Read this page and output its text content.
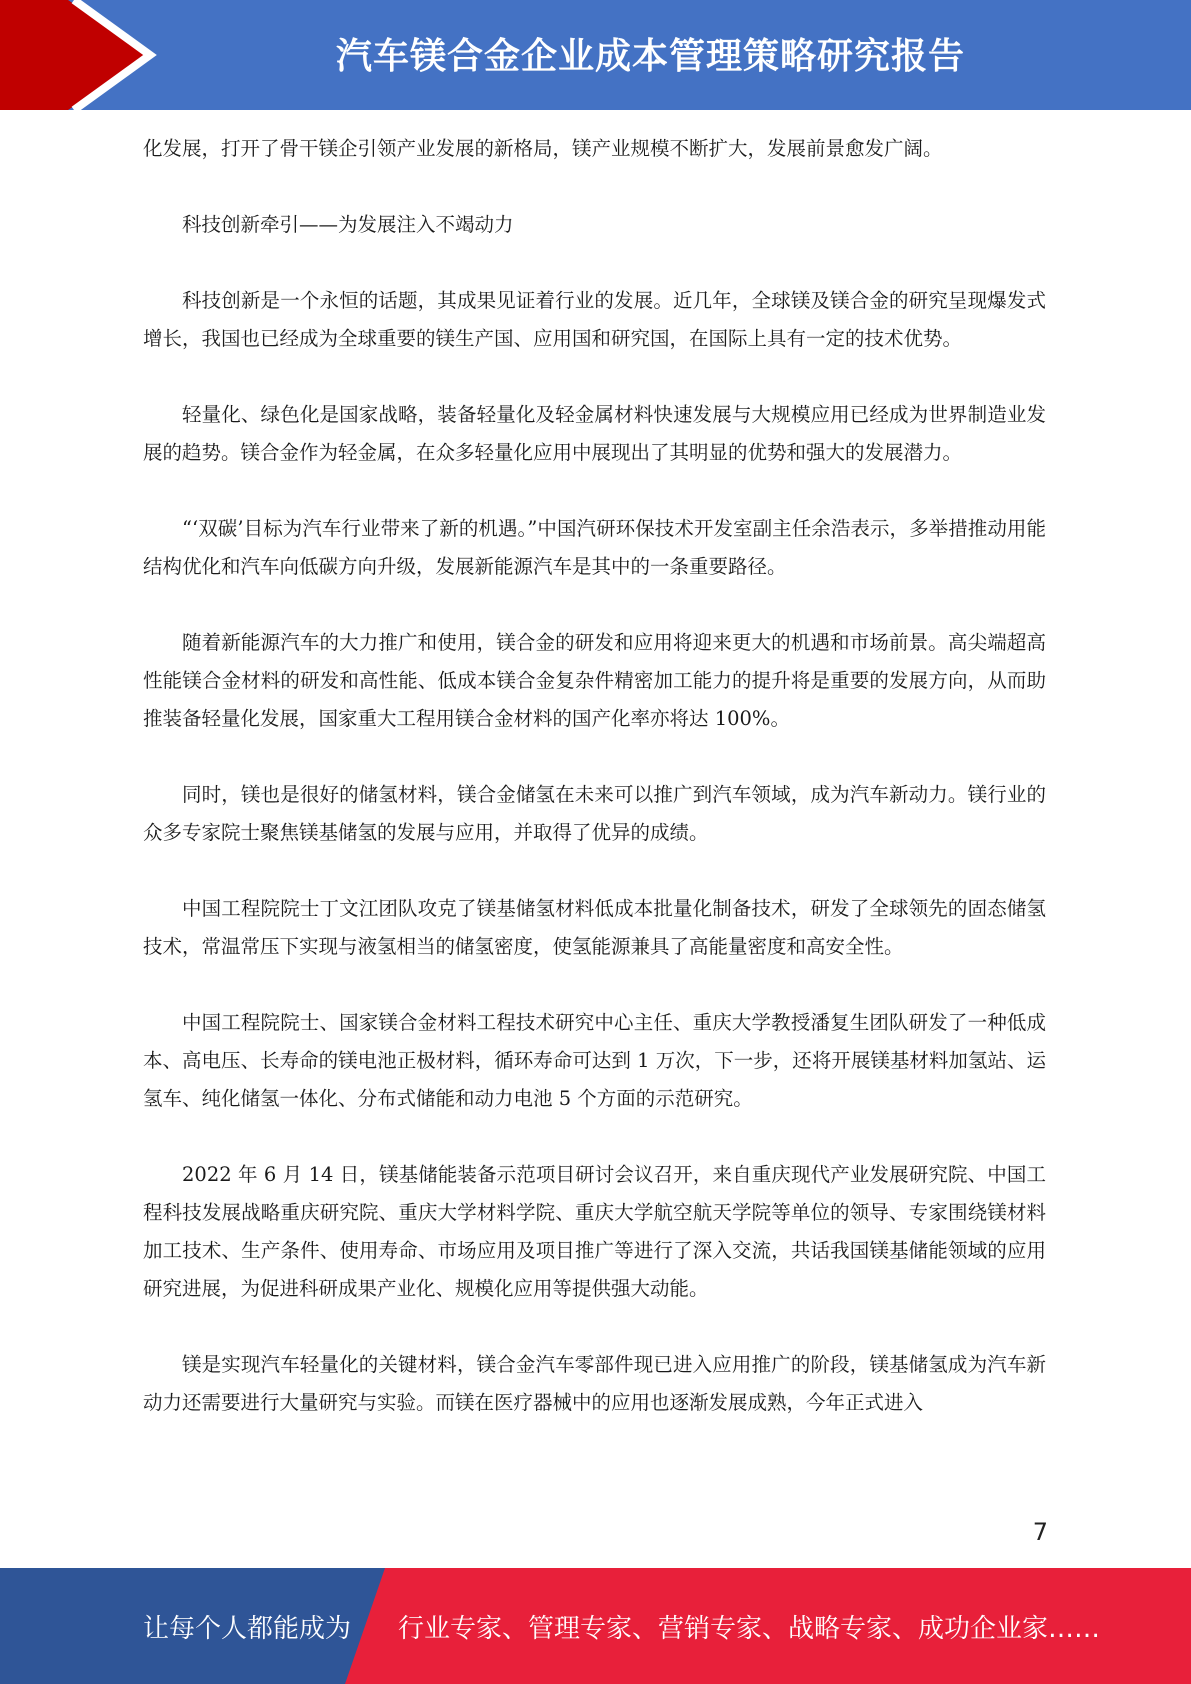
汽车镁合金企业成本管理策略研究报告

化发展，打开了骨干镁企引领产业发展的新格局，镁产业规模不断扩大，发展前景愈发广阔。

科技创新牵引——为发展注入不竭动力

科技创新是一个永恒的话题，其成果见证着行业的发展。近几年，全球镁及镁合金的研究呈现爆发式增长，我国也已经成为全球重要的镁生产国、应用国和研究国，在国际上具有一定的技术优势。

轻量化、绿色化是国家战略，装备轻量化及轻金属材料快速发展与大规模应用已经成为世界制造业发展的趋势。镁合金作为轻金属，在众多轻量化应用中展现出了其明显的优势和强大的发展潜力。

“‘双碳’目标为汽车行业带来了新的机遇。”中国汽研环保技术开发室副主任余浩表示，多举措推动用能结构优化和汽车向低碳方向升级，发展新能源汽车是其中的一条重要路径。

随着新能源汽车的大力推广和使用，镁合金的研发和应用将迎来更大的机遇和市场前景。高尖端超高性能镁合金材料的研发和高性能、低成本镁合金复杂件精密加工能力的提升将是重要的发展方向，从而助推装备轻量化发展，国家重大工程用镁合金材料的国产化率亦将达 100%。

同时，镁也是很好的储氢材料，镁合金储氢在未来可以推广到汽车领域，成为汽车新动力。镁行业的众多专家院士聚焦镁基储氢的发展与应用，并取得了优异的成绩。

中国工程院院士丁文江团队攻克了镁基储氢材料低成本批量化制备技术，研发了全球领先的固态储氢技术，常温常压下实现与液氢相当的储氢密度，使氢能源兼具了高能量密度和高安全性。

中国工程院院士、国家镁合金材料工程技术研究中心主任、重庆大学教授潘复生团队研发了一种低成本、高电压、长寿命的镁电池正极材料，循环寿命可达到 1 万次，下一步，还将开展镁基材料加氢站、运氢车、纯化储氢一体化、分布式储能和动力电池 5 个方面的示范研究。

2022 年 6 月 14 日，镁基储能装备示范项目研讨会议召开，来自重庆现代产业发展研究院、中国工程科技发展战略重庆研究院、重庆大学材料学院、重庆大学航空航天学院等单位的领导、专家围绕镁材料加工技术、生产条件、使用寿命、市场应用及项目推广等进行了深入交流，共话我国镁基储能领域的应用研究进展，为促进科研成果产业化、规模化应用等提供强大动能。

镁是实现汽车轻量化的关键材料，镁合金汽车零部件现已进入应用推广的阶段，镁基储氢成为汽车新动力还需要进行大量研究与实验。而镁在医疗器械中的应用也逐渐发展成熟，今年正式进入

7
让每个人都能成为 行业专家、管理专家、营销专家、战略专家、成功企业家……
